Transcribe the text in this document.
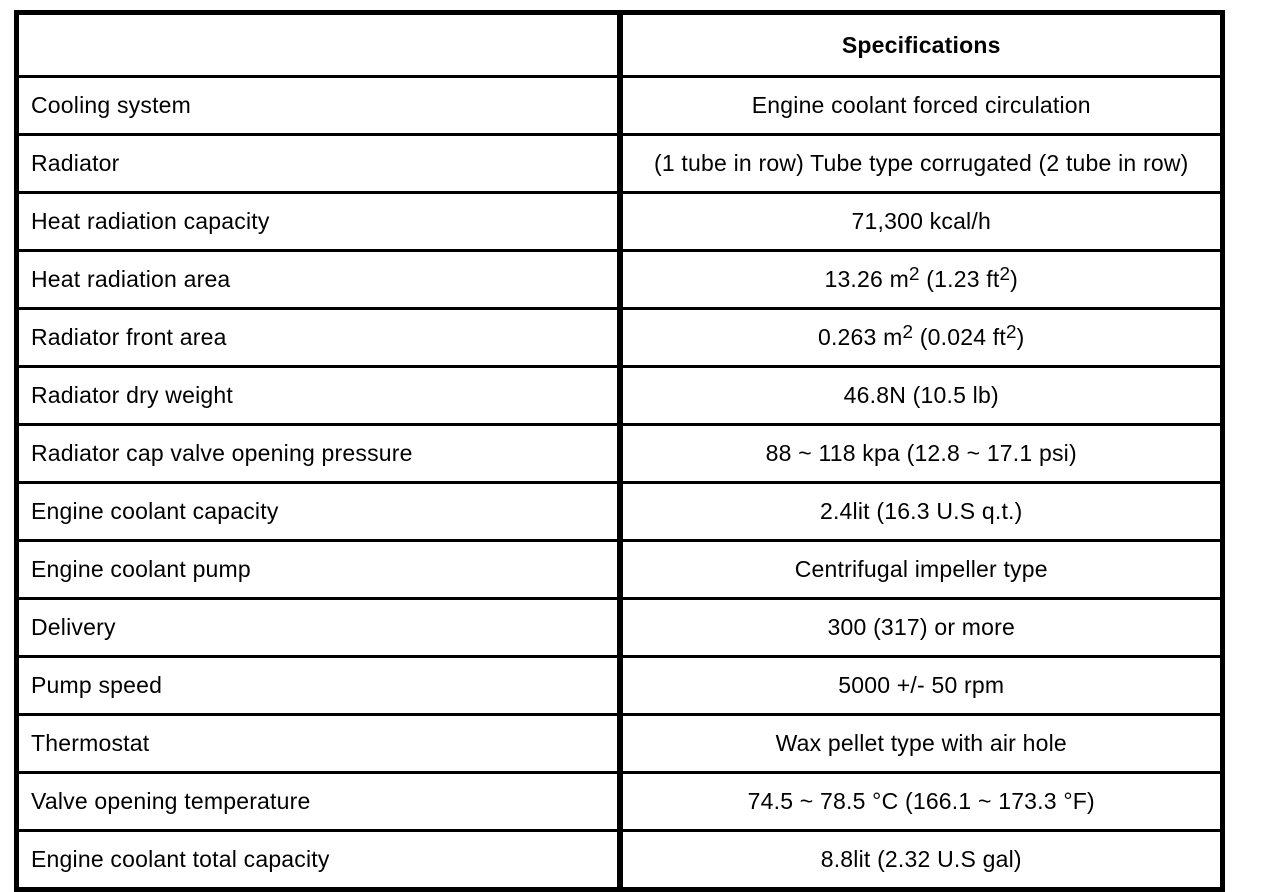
	Specifications
Cooling system	Engine coolant forced circulation
Radiator	(1 tube in row) Tube type corrugated (2 tube in row)
Heat radiation capacity	71,300 kcal/h
Heat radiation area	13.26 $m^2$ (1.23 $ft^2$)
Radiator front area	0.263 $m^2$ (0.024 $ft^2$)
Radiator dry weight	46.8N (10.5 lb)
Radiator cap valve opening pressure	88 ~ 118 kpa (12.8 ~ 17.1 psi)
Engine coolant capacity	2.4lit (16.3 U.S q.t.)
Engine coolant pump	Centrifugal impeller type
Delivery	300 (317) or more
Pump speed	5000 +/- 50 rpm
Thermostat	Wax pellet type with air hole
Valve opening temperature	74.5 ~ 78.5 °C (166.1 ~ 173.3 °F)
Engine coolant total capacity	8.8lit (2.32 U.S gal)
